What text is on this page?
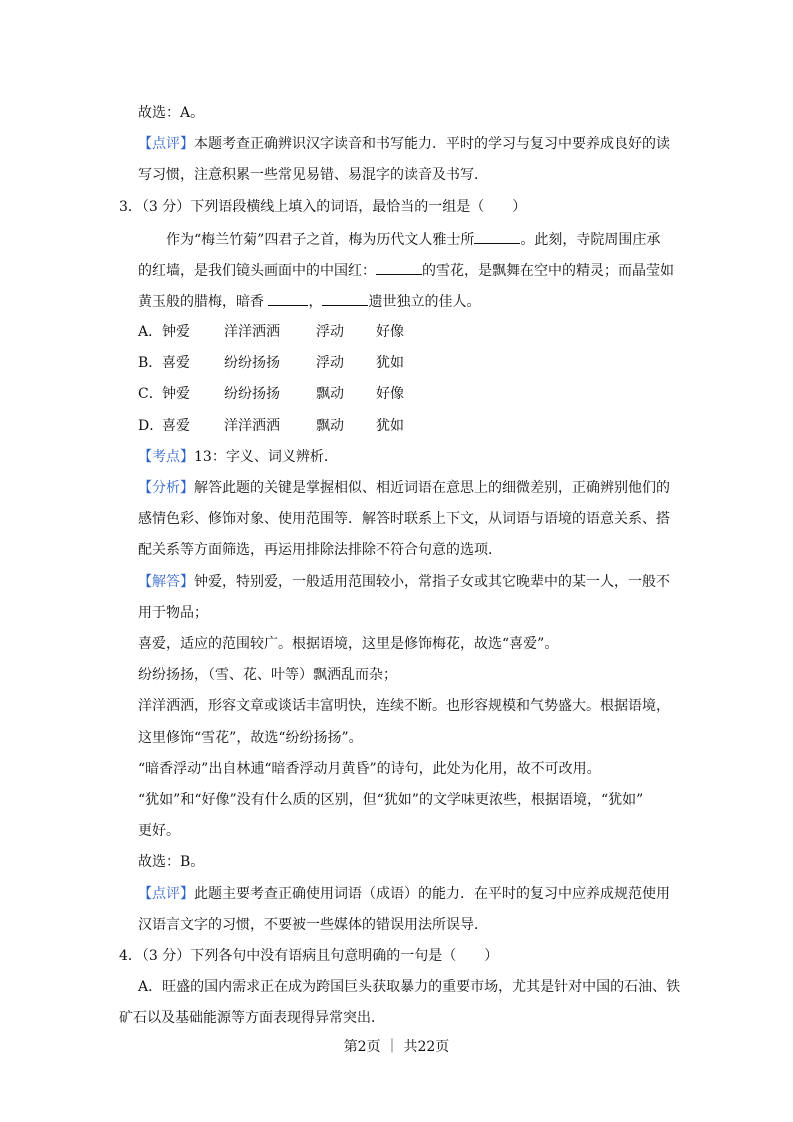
故选：A。
【点评】本题考查正确辨识汉字读音和书写能力．平时的学习与复习中要养成良好的读
写习惯，注意积累一些常见易错、易混字的读音及书写．
3．（3 分）下列语段横线上填入的词语，最恰当的一组是（　　）
作为“梅兰竹菊”四君子之首，梅为历代文人雅士所	。此刻，寺院周围庄承
的红墙，是我们镜头画面中的中国红：	的雪花，是飘舞在空中的精灵；而晶莹如
黄玉般的腊梅，暗香	，	遗世独立的佳人。
A．钟爱 洋洋洒洒	浮动 好像
B．喜爱 纷纷扬扬	浮动 犹如
C．钟爱 纷纷扬扬	飘动 好像
D．喜爱 洋洋洒洒	飘动 犹如
【考点】13：字义、词义辨析．
【分析】解答此题的关键是掌握相似、相近词语在意思上的细微差别，正确辨别他们的
感情色彩、修饰对象、使用范围等．解答时联系上下文，从词语与语境的语意关系、搭
配关系等方面筛选，再运用排除法排除不符合句意的选项．
【解答】钟爱，特别爱，一般适用范围较小，常指子女或其它晚辈中的某一人，一般不
用于物品；
喜爱，适应的范围较广。根据语境，这里是修饰梅花，故选“喜爱”。
纷纷扬扬，（雪、花、叶等）飘洒乱而杂；
洋洋洒洒，形容文章或谈话丰富明快，连续不断。也形容规模和气势盛大。根据语境，
这里修饰“雪花”，故选“纷纷扬扬”。
“暗香浮动”出自林逋“暗香浮动月黄昏”的诗句，此处为化用，故不可改用。
“犹如”和“好像”没有什么质的区别，但“犹如”的文学味更浓些，根据语境，“犹如”
更好。
故选：B。
【点评】此题主要考查正确使用词语（成语）的能力．在平时的复习中应养成规范使用
汉语言文字的习惯，不要被一些媒体的错误用法所误导．
4．（3 分）下列各句中没有语病且句意明确的一句是（　　）
A．旺盛的国内需求正在成为跨国巨头获取暴力的重要市场，尤其是针对中国的石油、铁
矿石以及基础能源等方面表现得异常突出．
第2页 ｜ 共22页
